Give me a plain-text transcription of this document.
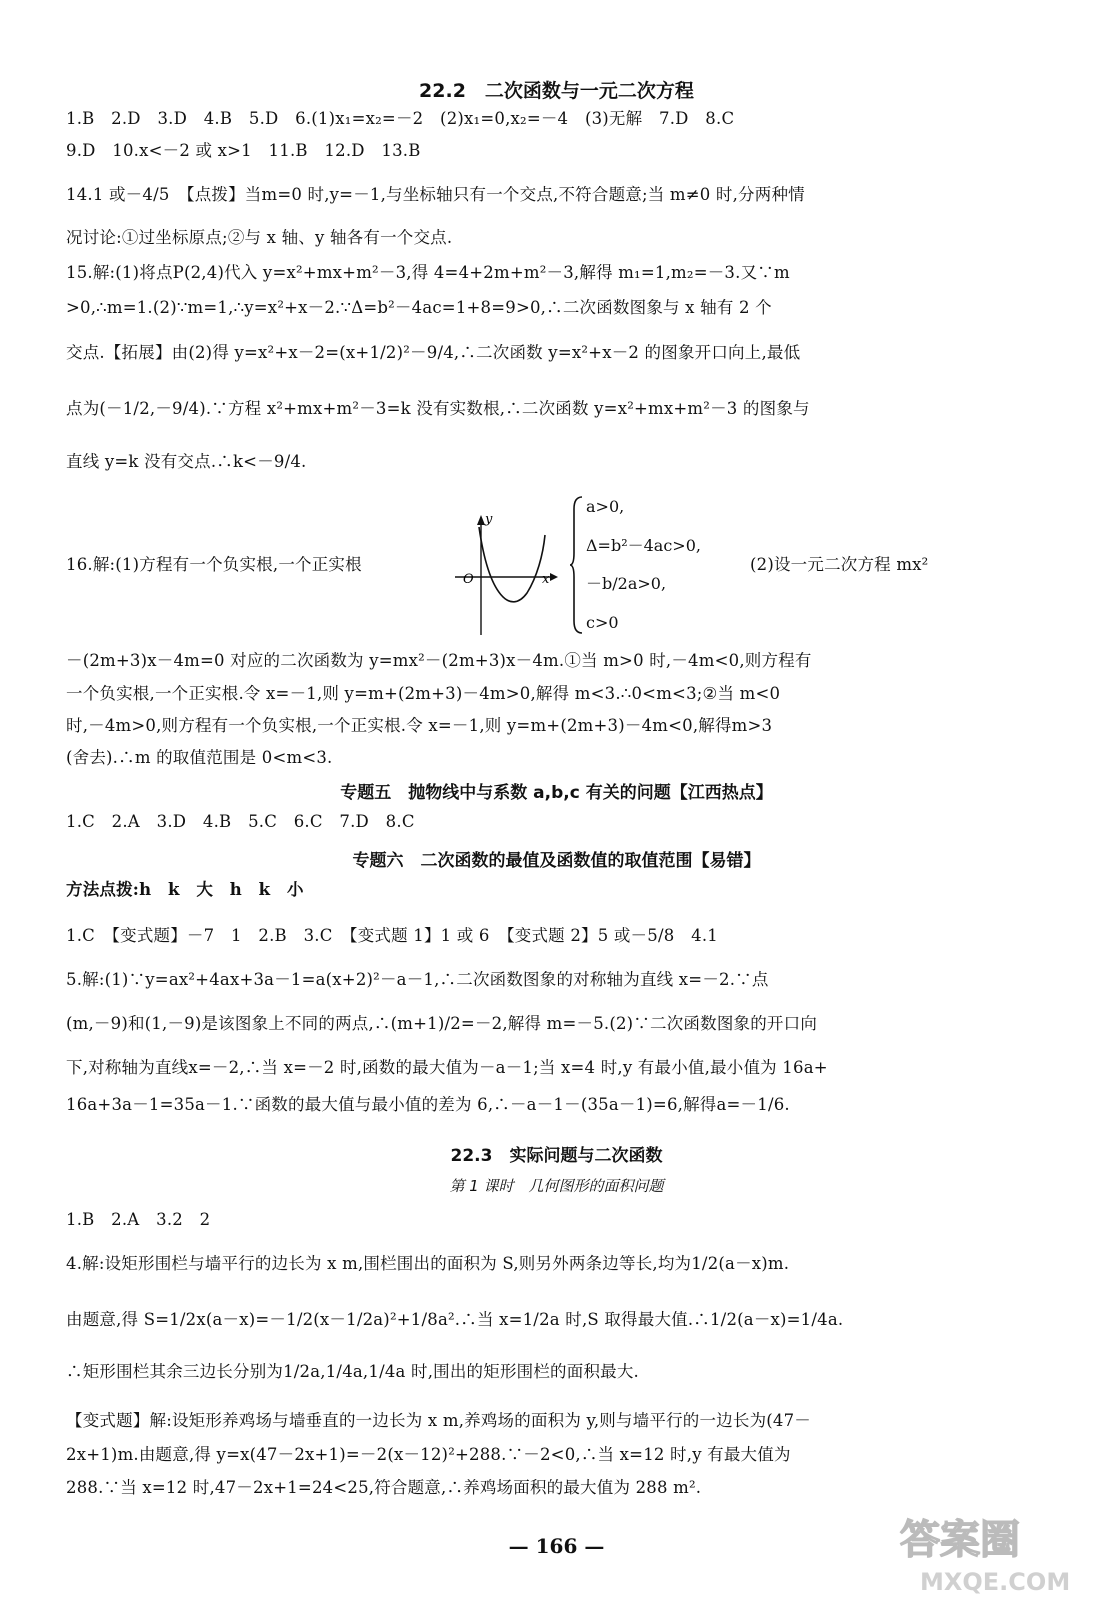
22.2　二次函数与一元二次方程
1.B　2.D　3.D　4.B　5.D　6.(1)x₁=x₂=－2　(2)x₁=0,x₂=－4　(3)无解　7.D　8.C
9.D　10.x<－2 或 x>1　11.B　12.D　13.B
14.1 或－4/5　【点拨】当m=0 时,y=－1,与坐标轴只有一个交点,不符合题意;当 m≠0 时,分两种情
况讨论:①过坐标原点;②与 x 轴、y 轴各有一个交点.
15.解:(1)将点P(2,4)代入 y=x²+mx+m²－3,得 4=4+2m+m²－3,解得 m₁=1,m₂=－3.又∵m
>0,∴m=1.(2)∵m=1,∴y=x²+x－2.∵Δ=b²－4ac=1+8=9>0,∴二次函数图象与 x 轴有 2 个
交点.【拓展】由(2)得 y=x²+x－2=(x+1/2)²－9/4,∴二次函数 y=x²+x－2 的图象开口向上,最低
点为(－1/2,－9/4).∵方程 x²+mx+m²－3=k 没有实数根,∴二次函数 y=x²+mx+m²－3 的图象与
直线 y=k 没有交点.∴k<－9/4.
16.解:(1)方程有一个负实根,一个正实根
y
O	x
a>0,
Δ=b²－4ac>0,
－b/2a>0,
c>0
(2)设一元二次方程 mx²
－(2m+3)x－4m=0 对应的二次函数为 y=mx²－(2m+3)x－4m.①当 m>0 时,－4m<0,则方程有
一个负实根,一个正实根.令 x=－1,则 y=m+(2m+3)－4m>0,解得 m<3.∴0<m<3;②当 m<0
时,－4m>0,则方程有一个负实根,一个正实根.令 x=－1,则 y=m+(2m+3)－4m<0,解得m>3
(舍去).∴m 的取值范围是 0<m<3.
专题五　抛物线中与系数 a,b,c 有关的问题【江西热点】
1.C　2.A　3.D　4.B　5.C　6.C　7.D　8.C
专题六　二次函数的最值及函数值的取值范围【易错】
方法点拨:h　k　大　h　k　小
1.C　【变式题】－7　1　2.B　3.C　【变式题 1】1 或 6　【变式题 2】5 或－5/8　4.1
5.解:(1)∵y=ax²+4ax+3a－1=a(x+2)²－a－1,∴二次函数图象的对称轴为直线 x=－2.∵点
(m,－9)和(1,－9)是该图象上不同的两点,∴(m+1)/2=－2,解得 m=－5.(2)∵二次函数图象的开口向
下,对称轴为直线x=－2,∴当 x=－2 时,函数的最大值为－a－1;当 x=4 时,y 有最小值,最小值为 16a+
16a+3a－1=35a－1.∵函数的最大值与最小值的差为 6,∴－a－1－(35a－1)=6,解得a=－1/6.
22.3　实际问题与二次函数
第 1 课时　几何图形的面积问题
1.B　2.A　3.2　2
4.解:设矩形围栏与墙平行的边长为 x m,围栏围出的面积为 S,则另外两条边等长,均为1/2(a－x)m.
由题意,得 S=1/2x(a－x)=－1/2(x－1/2a)²+1/8a².∴当 x=1/2a 时,S 取得最大值.∴1/2(a－x)=1/4a.
∴矩形围栏其余三边长分别为1/2a,1/4a,1/4a 时,围出的矩形围栏的面积最大.
【变式题】解:设矩形养鸡场与墙垂直的一边长为 x m,养鸡场的面积为 y,则与墙平行的一边长为(47－
2x+1)m.由题意,得 y=x(47－2x+1)=－2(x－12)²+288.∵－2<0,∴当 x=12 时,y 有最大值为
288.∵当 x=12 时,47－2x+1=24<25,符合题意,∴养鸡场面积的最大值为 288 m².
— 166 —	答案圈
MXQE.COM
